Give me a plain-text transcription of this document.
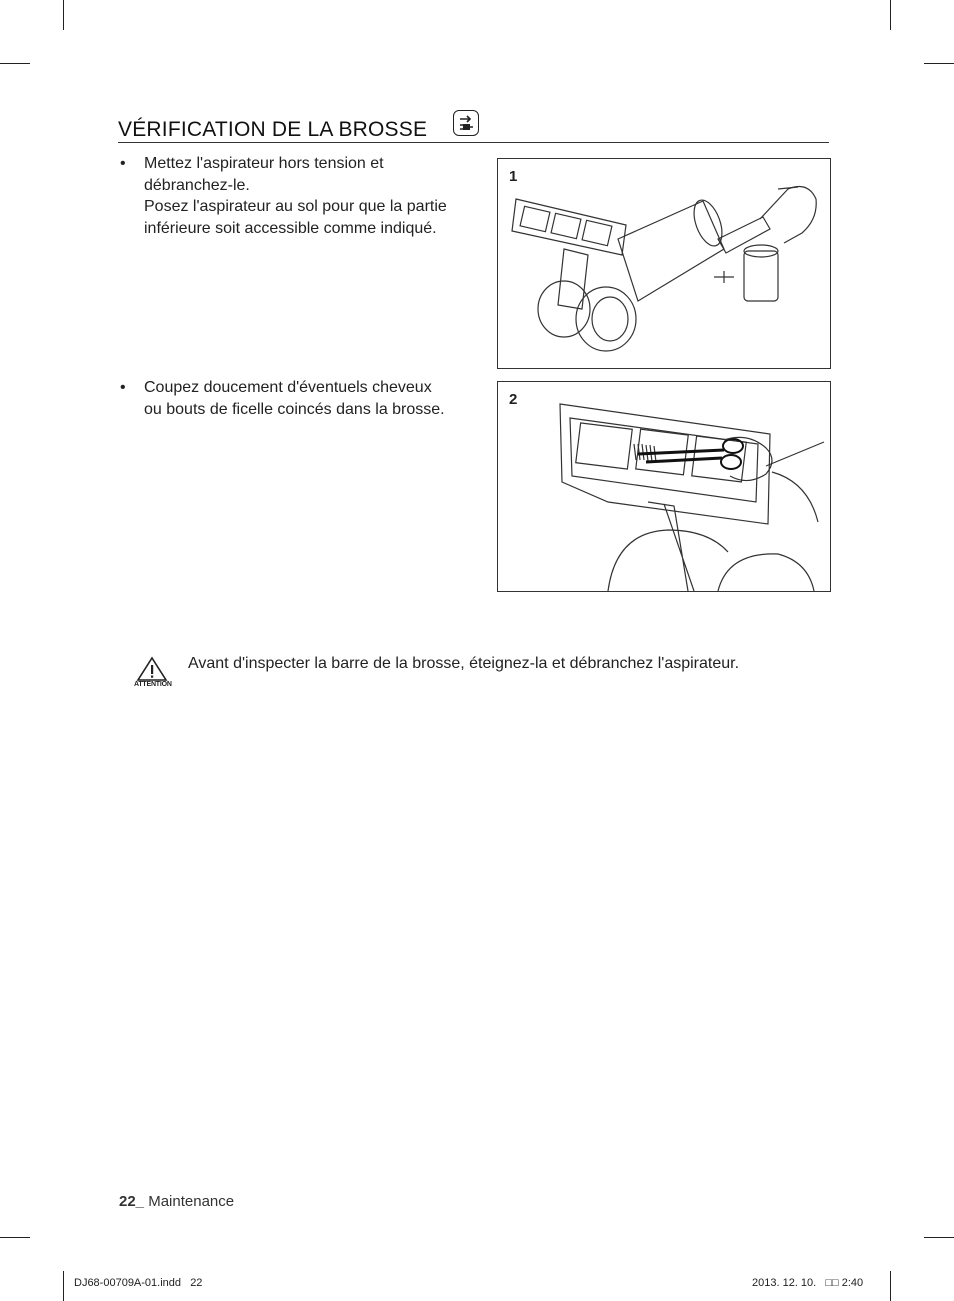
VÉRIFICATION DE LA BROSSE
• Mettez l'aspirateur hors tension et
débranchez-le.
Posez l'aspirateur au sol pour que la partie
inférieure soit accessible comme indiqué.
1
• Coupez doucement d'éventuels cheveux
ou bouts de ficelle coincés dans la brosse.
2
ATTENTION
Avant d'inspecter la barre de la brosse, éteignez-la et débranchez l'aspirateur.
22_ Maintenance
DJ68-00709A-01.indd   22	2013. 12. 10.   □□ 2:40
